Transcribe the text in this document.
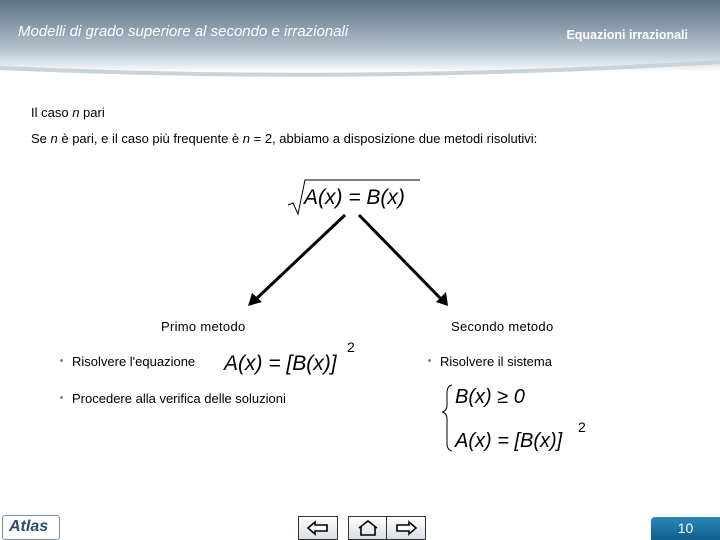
Modelli di grado superiore al secondo e irrazionali	Equazioni irrazionali
Il caso n pari
Se n è pari, e il caso più frequente è n = 2, abbiamo a disposizione due metodi risolutivi:
A(x) = B(x)
A(x) = [B(x)]
2
B(x) ≥ 0
A(x) = [B(x)]
2
Primo metodo	Secondo metodo
Risolvere l'equazione
Procedere alla verifica delle soluzioni
Risolvere il sistema
Atlas	10
